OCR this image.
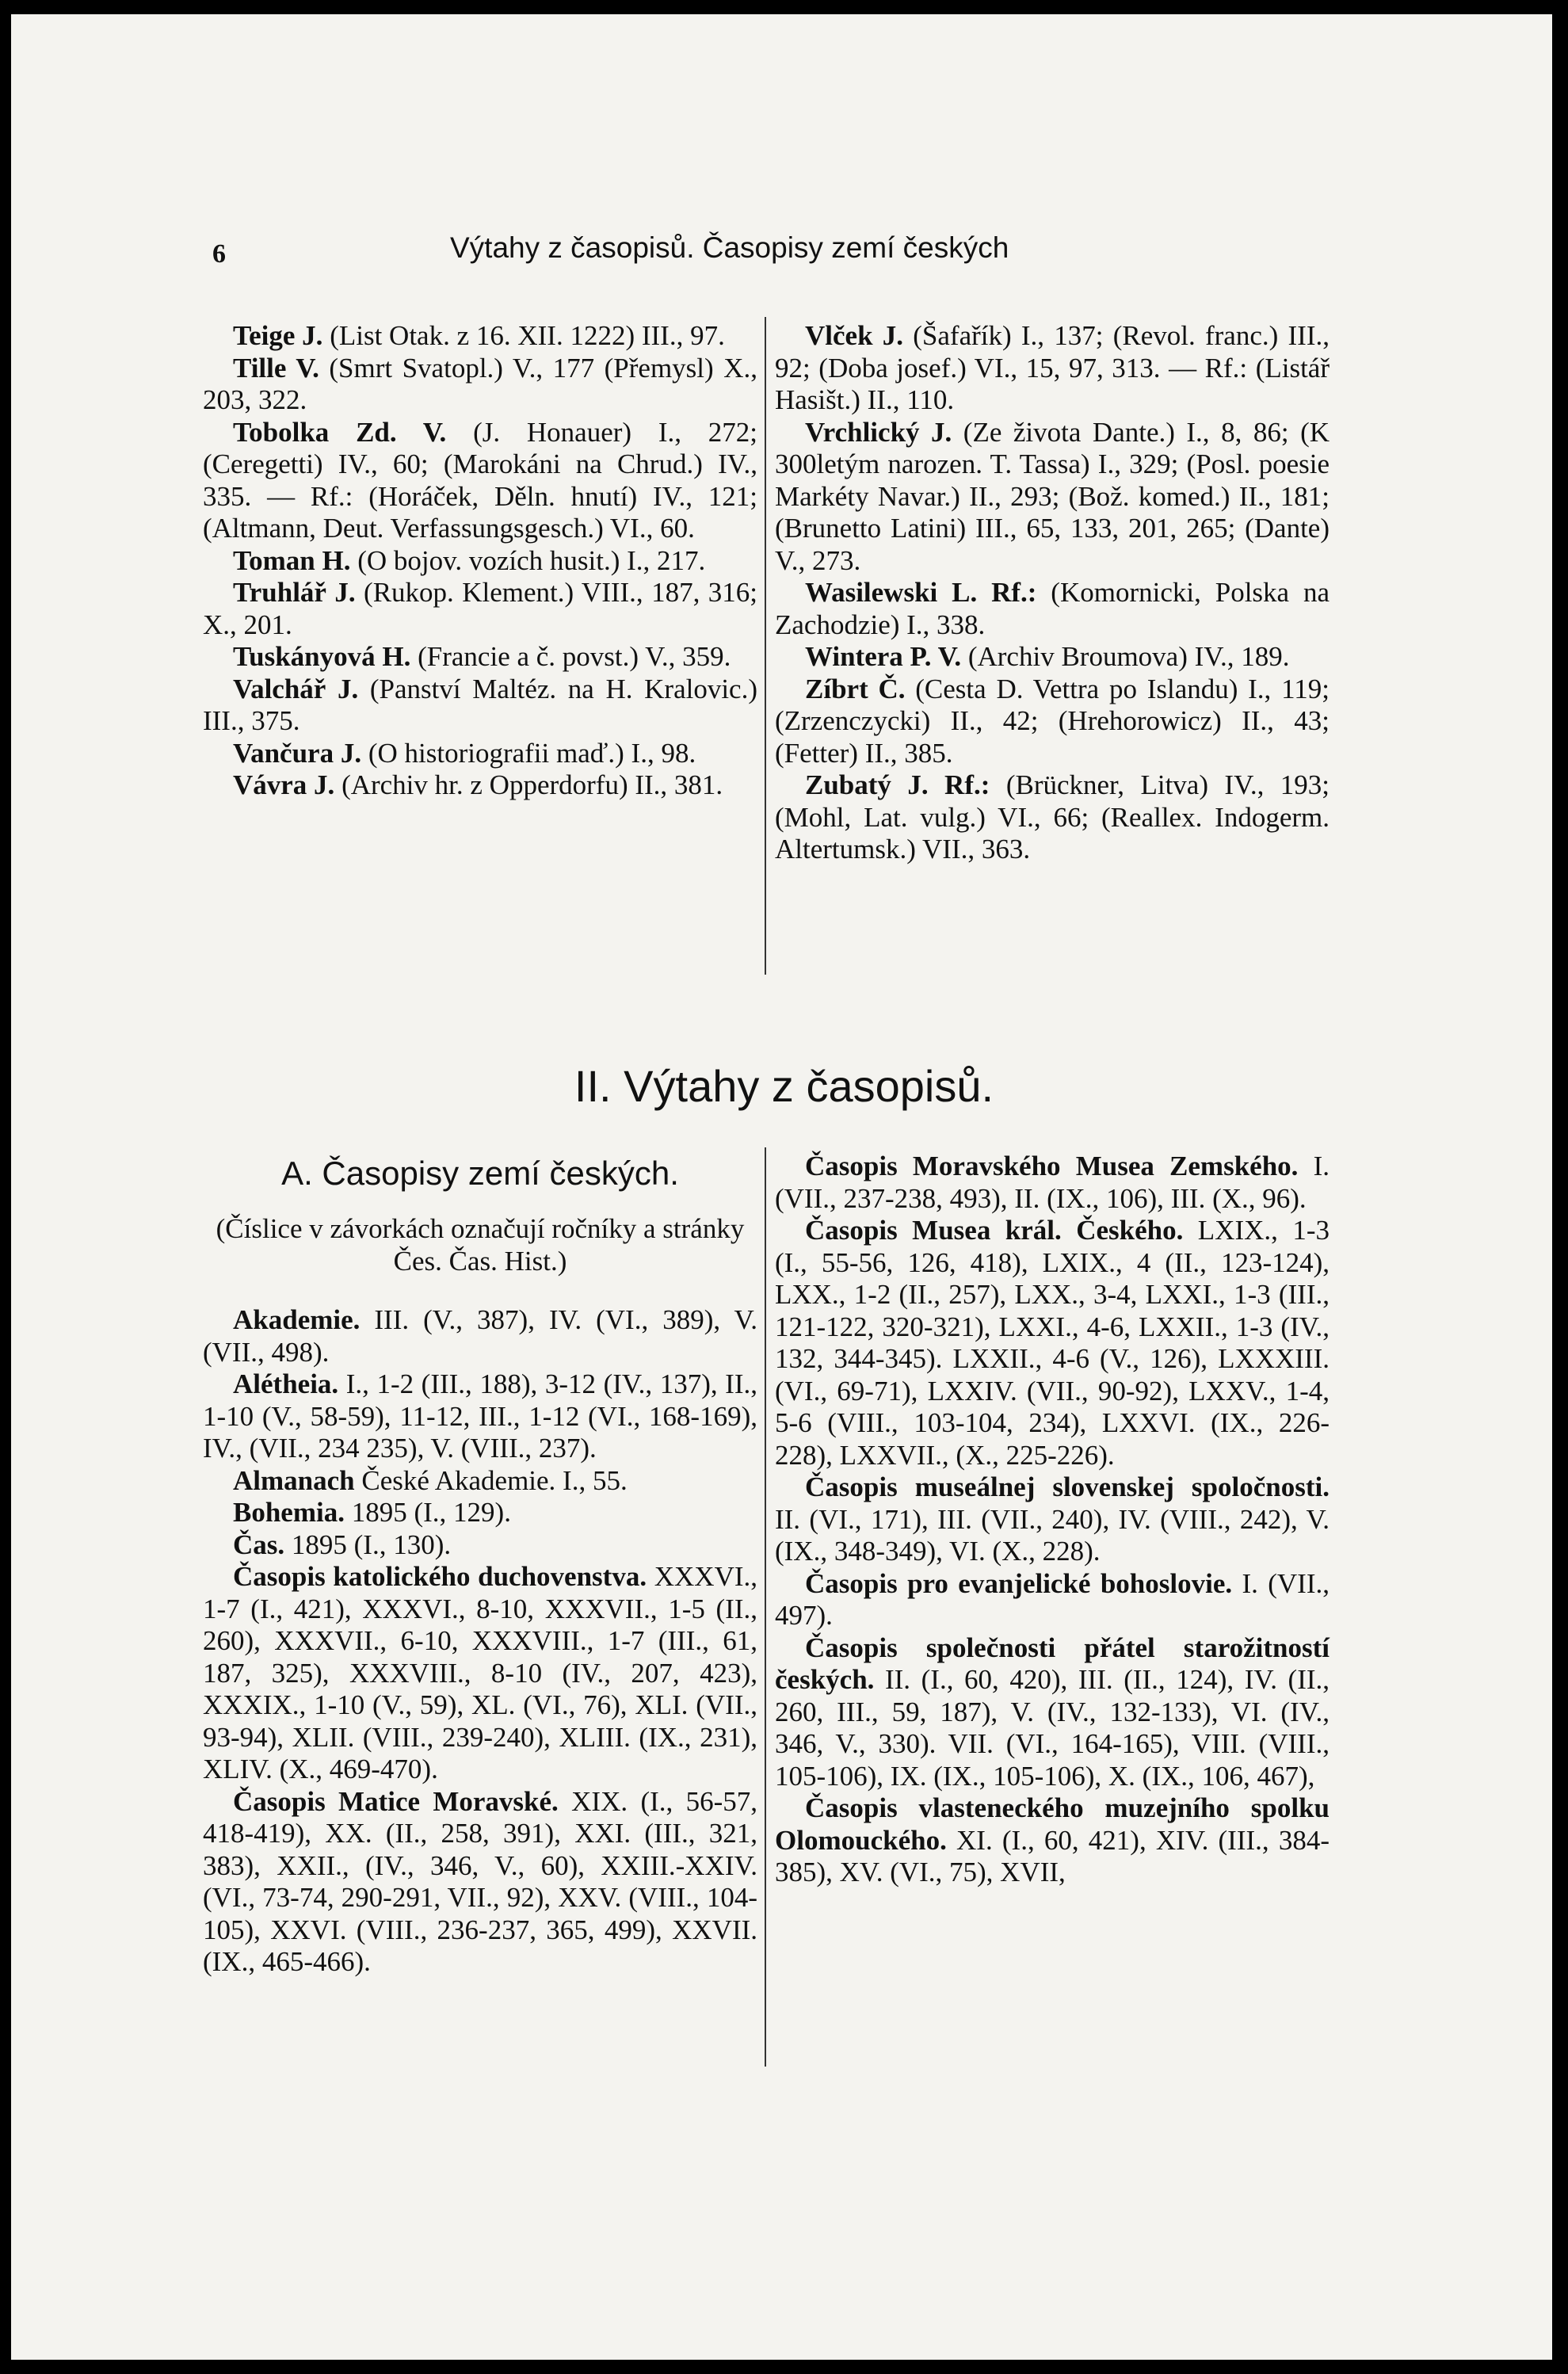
6	Výtahy z časopisů. Časopisy zemí českých
Teige J. (List Otak. z 16. XII. 1222) III., 97.
Tille V. (Smrt Svatopl.) V., 177 (Přemysl) X., 203, 322.
Tobolka Zd. V. (J. Honauer) I., 272; (Ceregetti) IV., 60; (Marokáni na Chrud.) IV., 335. — Rf.: (Horáček, Děln. hnutí) IV., 121; (Altmann, Deut. Verfassungsgesch.) VI., 60.
Toman H. (O bojov. vozích husit.) I., 217.
Truhlář J. (Rukop. Klement.) VIII., 187, 316; X., 201.
Tuskányová H. (Francie a č. povst.) V., 359.
Valchář J. (Panství Maltéz. na H. Kralovic.) III., 375.
Vančura J. (O historiografii maď.) I., 98.
Vávra J. (Archiv hr. z Opperdorfu) II., 381.
Vlček J. (Šafařík) I., 137; (Revol. franc.) III., 92; (Doba josef.) VI., 15, 97, 313. — Rf.: (Listář Hasišt.) II., 110.
Vrchlický J. (Ze života Dante.) I., 8, 86; (K 300letým narozen. T. Tassa) I., 329; (Posl. poesie Markéty Navar.) II., 293; (Bož. komed.) II., 181; (Brunetto Latini) III., 65, 133, 201, 265; (Dante) V., 273.
Wasilewski L. Rf.: (Komornicki, Polska na Zachodzie) I., 338.
Wintera P. V. (Archiv Broumova) IV., 189.
Zíbrt Č. (Cesta D. Vettra po Islandu) I., 119; (Zrzenczycki) II., 42; (Hrehorowicz) II., 43; (Fetter) II., 385.
Zubatý J. Rf.: (Brückner, Litva) IV., 193; (Mohl, Lat. vulg.) VI., 66; (Reallex. Indogerm. Altertumsk.) VII., 363.
II. Výtahy z časopisů.
A. Časopisy zemí českých.
(Číslice v závorkách označují ročníky a stránky Čes. Čas. Hist.)
Akademie. III. (V., 387), IV. (VI., 389), V. (VII., 498).
Alétheia. I., 1-2 (III., 188), 3-12 (IV., 137), II., 1-10 (V., 58-59), 11-12, III., 1-12 (VI., 168-169), IV., (VII., 234 235), V. (VIII., 237).
Almanach České Akademie. I., 55.
Bohemia. 1895 (I., 129).
Čas. 1895 (I., 130).
Časopis katolického duchovenstva. XXXVI., 1-7 (I., 421), XXXVI., 8-10, XXXVII., 1-5 (II., 260), XXXVII., 6-10, XXXVIII., 1-7 (III., 61, 187, 325), XXXVIII., 8-10 (IV., 207, 423), XXXIX., 1-10 (V., 59), XL. (VI., 76), XLI. (VII., 93-94), XLII. (VIII., 239-240), XLIII. (IX., 231), XLIV. (X., 469-470).
Časopis Matice Moravské. XIX. (I., 56-57, 418-419), XX. (II., 258, 391), XXI. (III., 321, 383), XXII., (IV., 346, V., 60), XXIII.-XXIV. (VI., 73-74, 290-291, VII., 92), XXV. (VIII., 104-105), XXVI. (VIII., 236-237, 365, 499), XXVII. (IX., 465-466).
Časopis Moravského Musea Zemského. I. (VII., 237-238, 493), II. (IX., 106), III. (X., 96).
Časopis Musea král. Českého. LXIX., 1-3 (I., 55-56, 126, 418), LXIX., 4 (II., 123-124), LXX., 1-2 (II., 257), LXX., 3-4, LXXI., 1-3 (III., 121-122, 320-321), LXXI., 4-6, LXXII., 1-3 (IV., 132, 344-345). LXXII., 4-6 (V., 126), LXXXIII. (VI., 69-71), LXXIV. (VII., 90-92), LXXV., 1-4, 5-6 (VIII., 103-104, 234), LXXVI. (IX., 226-228), LXXVII., (X., 225-226).
Časopis museálnej slovenskej spoločnosti. II. (VI., 171), III. (VII., 240), IV. (VIII., 242), V. (IX., 348-349), VI. (X., 228).
Časopis pro evanjelické bohoslovie. I. (VII., 497).
Časopis společnosti přátel starožitností českých. II. (I., 60, 420), III. (II., 124), IV. (II., 260, III., 59, 187), V. (IV., 132-133), VI. (IV., 346, V., 330). VII. (VI., 164-165), VIII. (VIII., 105-106), IX. (IX., 105-106), X. (IX., 106, 467),
Časopis vlasteneckého muzejního spolku Olomouckého. XI. (I., 60, 421), XIV. (III., 384-385), XV. (VI., 75), XVII,
